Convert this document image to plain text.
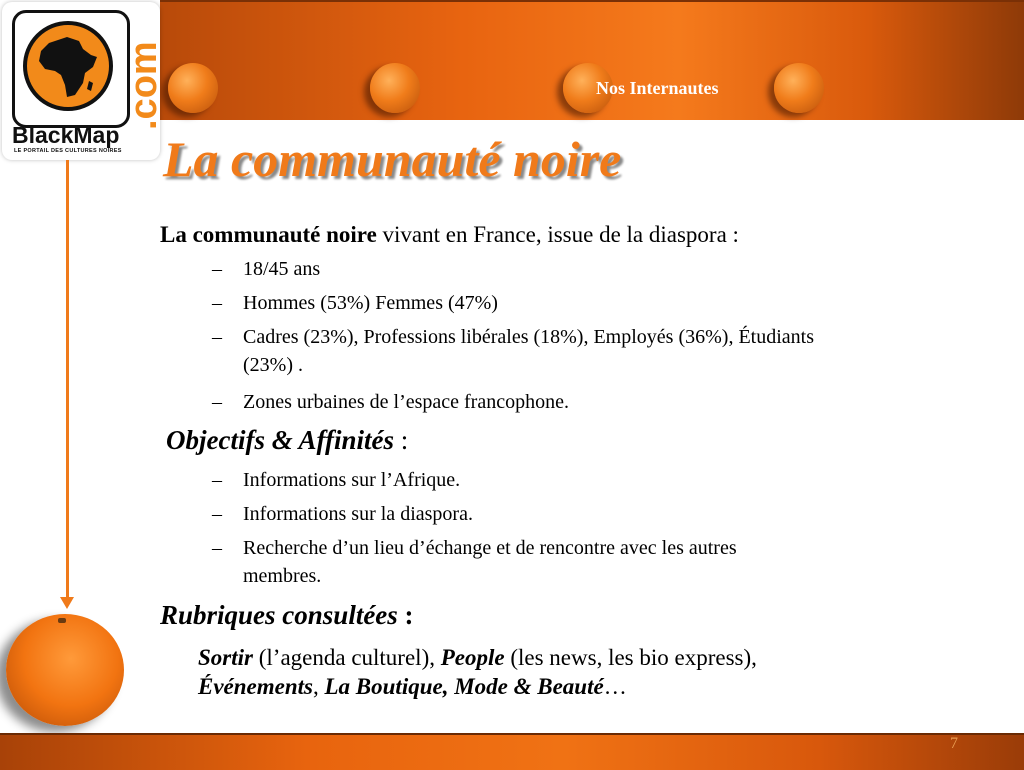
Nos Internautes
.com
BlackMap
LE PORTAIL DES CULTURES NOIRES La communauté noire
La communauté noire vivant en France, issue de la diaspora :
– 18/45 ans
– Hommes (53%) Femmes (47%)
– Cadres (23%), Professions libérales (18%), Employés (36%), Étudiants
(23%) .
– Zones urbaines de l’espace francophone.
Objectifs & Affinités :
– Informations sur l’Afrique.
– Informations sur la diaspora.
– Recherche d’un lieu d’échange et de rencontre avec les autres
membres.
Rubriques consultées :
Sortir (l’agenda culturel), People (les news, les bio express),
Événements, La Boutique, Mode & Beauté…
7
